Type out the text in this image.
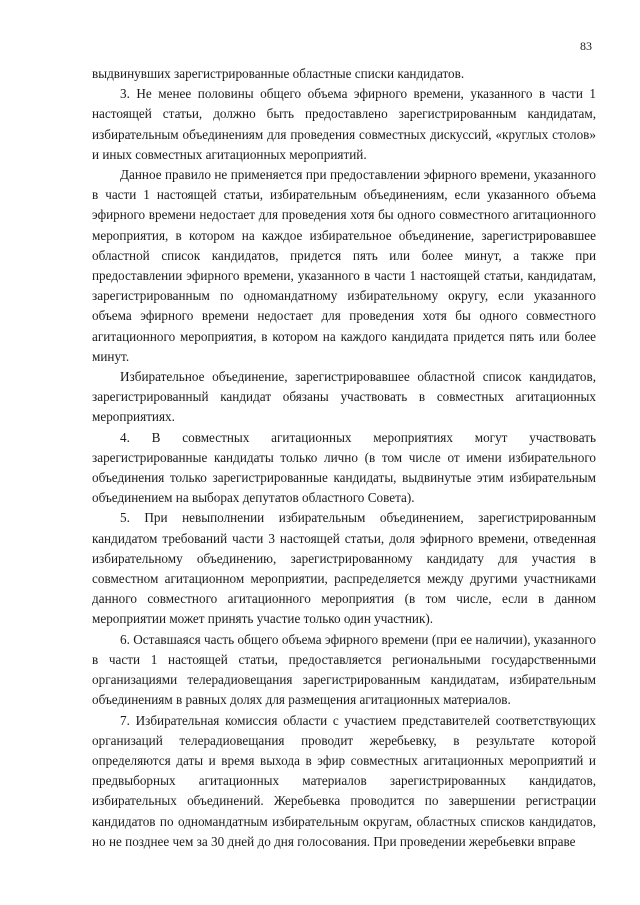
83

выдвинувших зарегистрированные областные списки кандидатов.

3. Не менее половины общего объема эфирного времени, указанного в части 1 настоящей статьи, должно быть предоставлено зарегистрированным кандидатам, избирательным объединениям для проведения совместных дискуссий, «круглых столов» и иных совместных агитационных мероприятий.

Данное правило не применяется при предоставлении эфирного времени, указанного в части 1 настоящей статьи, избирательным объединениям, если указанного объема эфирного времени недостает для проведения хотя бы одного совместного агитационного мероприятия, в котором на каждое избирательное объединение, зарегистрировавшее областной список кандидатов, придется пять или более минут, а также при предоставлении эфирного времени, указанного в части 1 настоящей статьи, кандидатам, зарегистрированным по одномандатному избирательному округу, если указанного объема эфирного времени недостает для проведения хотя бы одного совместного агитационного мероприятия, в котором на каждого кандидата придется пять или более минут.

Избирательное объединение, зарегистрировавшее областной список кандидатов, зарегистрированный кандидат обязаны участвовать в совместных агитационных мероприятиях.

4. В совместных агитационных мероприятиях могут участвовать зарегистрированные кандидаты только лично (в том числе от имени избирательного объединения только зарегистрированные кандидаты, выдвинутые этим избирательным объединением на выборах депутатов областного Совета).

5. При невыполнении избирательным объединением, зарегистрированным кандидатом требований части 3 настоящей статьи, доля эфирного времени, отведенная избирательному объединению, зарегистрированному кандидату для участия в совместном агитационном мероприятии, распределяется между другими участниками данного совместного агитационного мероприятия (в том числе, если в данном мероприятии может принять участие только один участник).

6. Оставшаяся часть общего объема эфирного времени (при ее наличии), указанного в части 1 настоящей статьи, предоставляется региональными государственными организациями телерадиовещания зарегистрированным кандидатам, избирательным объединениям в равных долях для размещения агитационных материалов.

7. Избирательная комиссия области с участием представителей соответствующих организаций телерадиовещания проводит жеребьевку, в результате которой определяются даты и время выхода в эфир совместных агитационных мероприятий и предвыборных агитационных материалов зарегистрированных кандидатов, избирательных объединений. Жеребьевка проводится по завершении регистрации кандидатов по одномандатным избирательным округам, областных списков кандидатов, но не позднее чем за 30 дней до дня голосования. При проведении жеребьевки вправе
